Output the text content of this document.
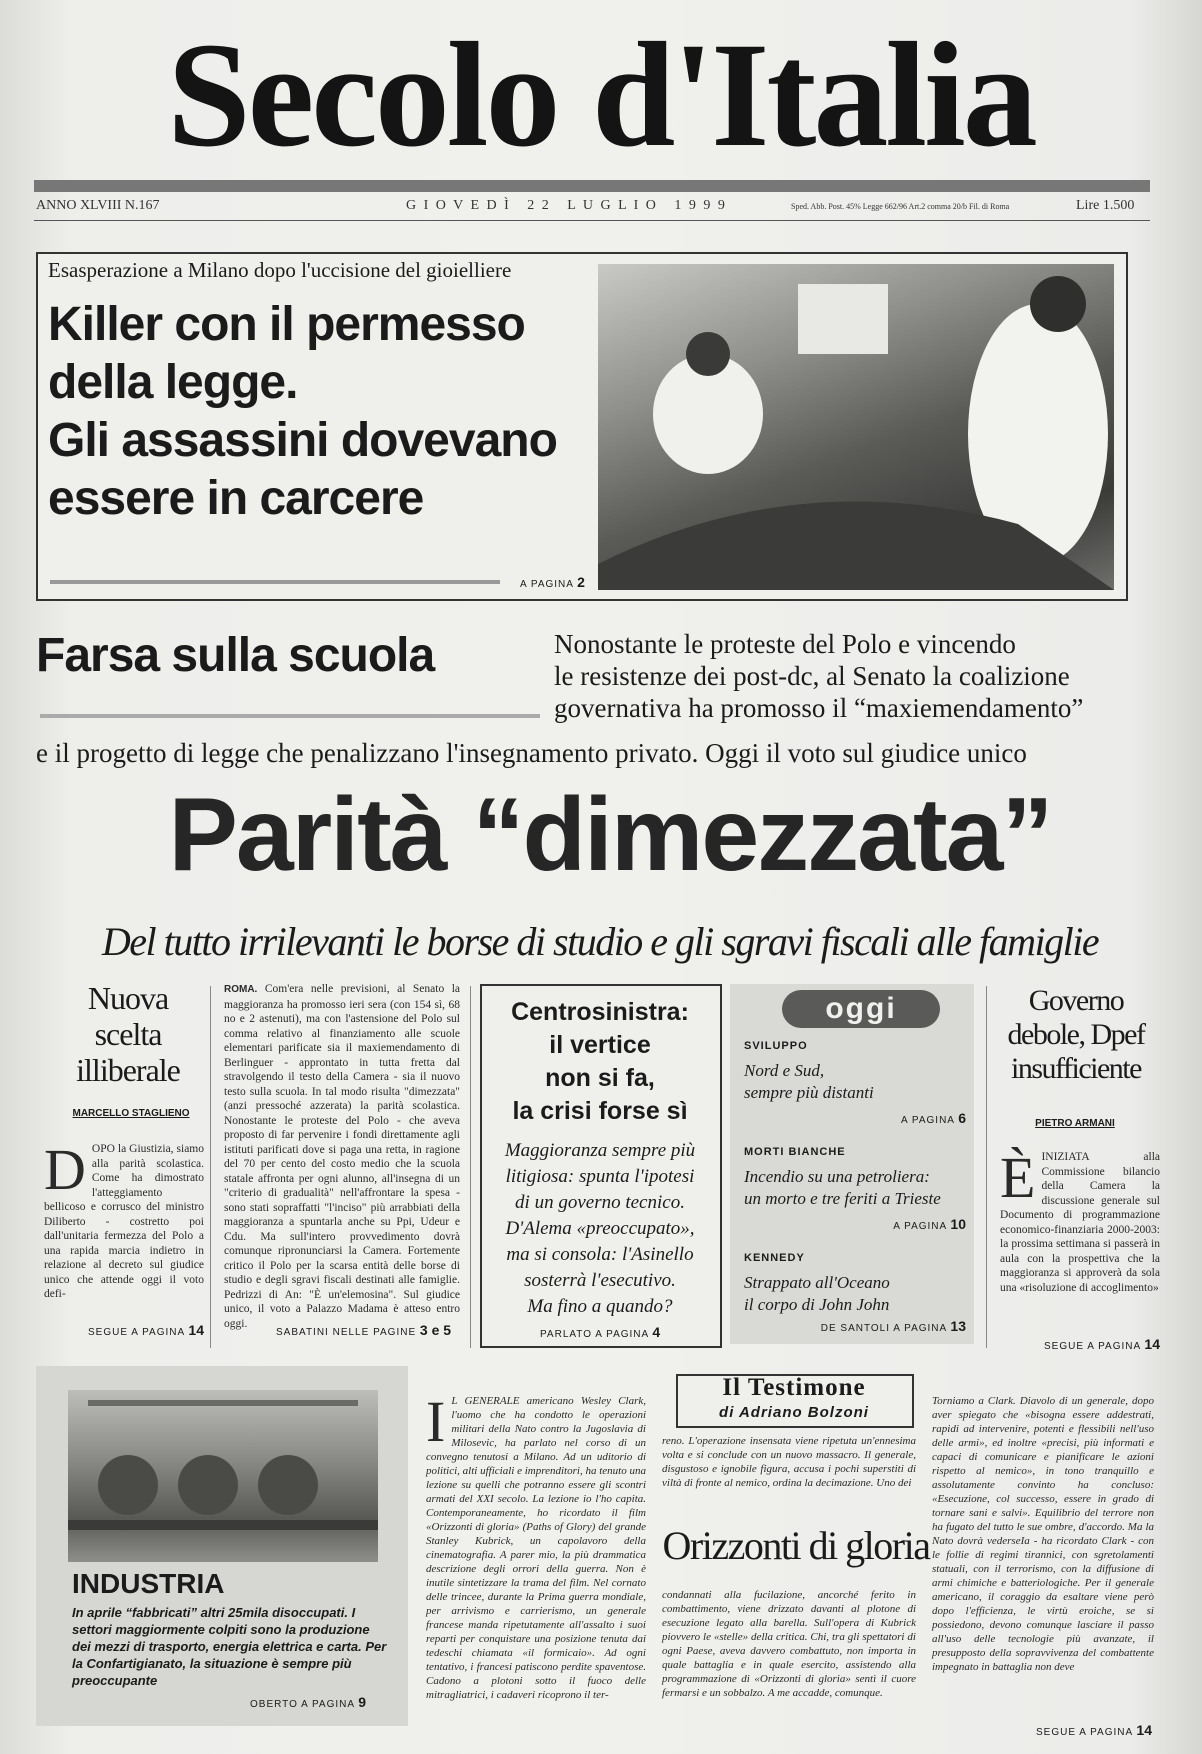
Secolo d'Italia
ANNO XLVIII N.167	G I O V E D Ì   2 2   L U G L I O   1 9 9 9	Sped. Abb. Post. 45% Legge 662/96 Art.2 comma 20/b Fil. di Roma	Lire 1.500
Esasperazione a Milano dopo l'uccisione del gioielliere
Killer con il permesso
della legge.
Gli assassini dovevano
essere in carcere
A PAGINA 2
Farsa sulla scuola	Nonostante le proteste del Polo e vincendo
le resistenze dei post-dc, al Senato la coalizione
governativa ha promosso il “maxiemendamento”
e il progetto di legge che penalizzano l'insegnamento privato. Oggi il voto sul giudice unico
Parità “dimezzata”
Del tutto irrilevanti le borse di studio e gli sgravi fiscali alle famiglie
Nuova
scelta
illiberale
MARCELLO STAGLIENO
DOPO la Giustizia, siamo alla parità scolastica. Come ha dimostrato l'atteggiamento bellicoso e corrusco del ministro Diliberto - costretto poi dall'unitaria fermezza del Polo a una rapida marcia indietro in relazione al decreto sul giudice unico che attende oggi il voto defi-
SEGUE A PAGINA 14
ROMA. Com'era nelle previsioni, al Senato la maggioranza ha promosso ieri sera (con 154 sì, 68 no e 2 astenuti), ma con l'astensione del Polo sul comma relativo al finanziamento alle scuole elementari parificate sia il maxiemendamento di Berlinguer - approntato in tutta fretta dal stravolgendo il testo della Camera - sia il nuovo testo sulla scuola. In tal modo risulta "dimezzata" (anzi pressoché azzerata) la parità scolastica. Nonostante le proteste del Polo - che aveva proposto di far pervenire i fondi direttamente agli istituti parificati dove si paga una retta, in ragione del 70 per cento del costo medio che la scuola statale affronta per ogni alunno, all'insegna di un "criterio di gradualità" nell'affrontare la spesa - sono stati sopraffatti "l'inciso" più arrabbiati della maggioranza a spuntarla anche su Ppi, Udeur e Cdu. Ma sull'intero provvedimento dovrà comunque ripronunciarsi la Camera. Fortemente critico il Polo per la scarsa entità delle borse di studio e degli sgravi fiscali destinati alle famiglie. Pedrizzi di An: "È un'elemosina". Sul giudice unico, il voto a Palazzo Madama è atteso entro oggi.
SABATINI NELLE PAGINE 3 e 5
Centrosinistra:
il vertice
non si fa,
la crisi forse sì
Maggioranza sempre più
litigiosa: spunta l'ipotesi
di un governo tecnico.
D'Alema «preoccupato»,
ma si consola: l'Asinello
sosterrà l'esecutivo.
Ma fino a quando?
PARLATO A PAGINA 4
oggi
SVILUPPO
Nord e Sud,
sempre più distanti
A PAGINA 6
MORTI BIANCHE
Incendio su una petroliera:
un morto e tre feriti a Trieste
A PAGINA 10
KENNEDY
Strappato all'Oceano
il corpo di John John
DE SANTOLI A PAGINA 13
Governo
debole, Dpef
insufficiente
PIETRO ARMANI
ÈINIZIATA alla Commissione bilancio della Camera la discussione generale sul Documento di programmazione economico-finanziaria 2000-2003: la prossima settimana si passerà in aula con la prospettiva che la maggioranza si approverà da sola una «risoluzione di accoglimento»
SEGUE A PAGINA 14
INDUSTRIA
In aprile “fabbricati” altri 25mila disoccupati. I settori maggiormente colpiti sono la produzione dei mezzi di trasporto, energia elettrica e carta. Per la Confartigianato, la situazione è sempre più preoccupante
OBERTO A PAGINA 9
Il Testimone
di Adriano Bolzoni
I L GENERALE americano Wesley Clark, l'uomo che ha condotto le operazioni militari della Nato contro la Jugoslavia di Milosevic, ha parlato nel corso di un convegno tenutosi a Milano. Ad un uditorio di politici, alti ufficiali e imprenditori, ha tenuto una lezione su quelli che potranno essere gli scontri armati del XXI secolo. La lezione io l'ho capita. Contemporaneamente, ho ricordato il film «Orizzonti di gloria» (Paths of Glory) del grande Stanley Kubrick, un capolavoro della cinematografia. A parer mio, la più drammatica descrizione degli orrori della guerra. Non è inutile sintetizzare la trama del film. Nel cornato delle trincee, durante la Prima guerra mondiale, per arrivismo e carrierismo, un generale francese manda ripetutamente all'assalto i suoi reparti per conquistare una posizione tenuta dai tedeschi chiamata «il formicaio». Ad ogni tentativo, i francesi patiscono perdite spaventose. Cadono a plotoni sotto il fuoco delle mitragliatrici, i cadaveri ricoprono il ter-
reno. L'operazione insensata viene ripetuta un'ennesima volta e si conclude con un nuovo massacro. Il generale, disgustoso e ignobile figura, accusa i pochi superstiti di viltà di fronte al nemico, ordina la decimazione. Uno dei
Orizzonti di gloria
condannati alla fucilazione, ancorché ferito in combattimento, viene drizzato davanti al plotone di esecuzione legato alla barella. Sull'opera di Kubrick piovvero le «stelle» della critica. Chi, tra gli spettatori di ogni Paese, aveva davvero combattuto, non importa in quale battaglia e in quale esercito, assistendo alla programmazione di «Orizzonti di gloria» sentì il cuore fermarsi e un sobbalzo. A me accadde, comunque.
Torniamo a Clark. Diavolo di un generale, dopo aver spiegato che «bisogna essere addestrati, rapidi ad intervenire, potenti e flessibili nell'uso delle armi», ed inoltre «precisi, più informati e capaci di comunicare e pianificare le azioni rispetto al nemico», in tono tranquillo e assolutamente convinto ha concluso: «Esecuzione, col successo, essere in grado di tornare sani e salvi». Equilibrio del terrore non ha fugato del tutto le sue ombre, d'accordo. Ma la Nato dovrà vederseIa - ha ricordato Clark - con le follie di regimi tirannici, con sgretolamenti statuali, con il terrorismo, con la diffusione di armi chimiche e batteriologiche. Per il generale americano, il coraggio da esaltare viene però dopo l'efficienza, le virtù eroiche, se si possiedono, devono comunque lasciare il passo all'uso delle tecnologie più avanzate, il presupposto della sopravvivenza del combattente impegnato in battaglia non deve
SEGUE A PAGINA 14
